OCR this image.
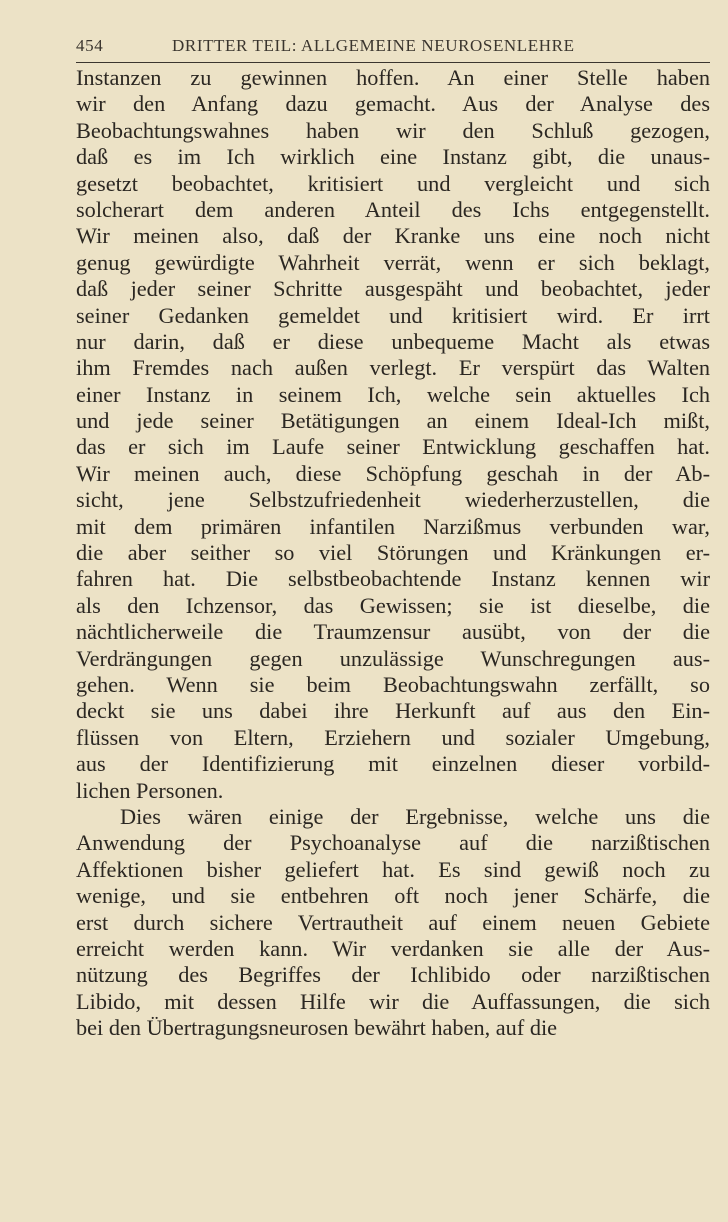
454	DRITTER TEIL: ALLGEMEINE NEUROSENLEHRE
Instanzen zu gewinnen hoffen. An einer Stelle haben
wir den Anfang dazu gemacht. Aus der Analyse des
Beobachtungswahnes haben wir den Schluß gezogen,
daß es im Ich wirklich eine Instanz gibt, die unaus-
gesetzt beobachtet, kritisiert und vergleicht und sich
solcherart dem anderen Anteil des Ichs entgegenstellt.
Wir meinen also, daß der Kranke uns eine noch nicht
genug gewürdigte Wahrheit verrät, wenn er sich beklagt,
daß jeder seiner Schritte ausgespäht und beobachtet, jeder
seiner Gedanken gemeldet und kritisiert wird. Er irrt
nur darin, daß er diese unbequeme Macht als etwas
ihm Fremdes nach außen verlegt. Er verspürt das Walten
einer Instanz in seinem Ich, welche sein aktuelles Ich
und jede seiner Betätigungen an einem Ideal-Ich mißt,
das er sich im Laufe seiner Entwicklung geschaffen hat.
Wir meinen auch, diese Schöpfung geschah in der Ab-
sicht, jene Selbstzufriedenheit wiederherzustellen, die
mit dem primären infantilen Narzißmus verbunden war,
die aber seither so viel Störungen und Kränkungen er-
fahren hat. Die selbstbeobachtende Instanz kennen wir
als den Ichzensor, das Gewissen; sie ist dieselbe, die
nächtlicherweile die Traumzensur ausübt, von der die
Verdrängungen gegen unzulässige Wunschregungen aus-
gehen. Wenn sie beim Beobachtungswahn zerfällt, so
deckt sie uns dabei ihre Herkunft auf aus den Ein-
flüssen von Eltern, Erziehern und sozialer Umgebung,
aus der Identifizierung mit einzelnen dieser vorbild-
lichen Personen.
Dies wären einige der Ergebnisse, welche uns die
Anwendung der Psychoanalyse auf die narzißtischen
Affektionen bisher geliefert hat. Es sind gewiß noch zu
wenige, und sie entbehren oft noch jener Schärfe, die
erst durch sichere Vertrautheit auf einem neuen Gebiete
erreicht werden kann. Wir verdanken sie alle der Aus-
nützung des Begriffes der Ichlibido oder narzißtischen
Libido, mit dessen Hilfe wir die Auffassungen, die sich
bei den Übertragungsneurosen bewährt haben, auf die
